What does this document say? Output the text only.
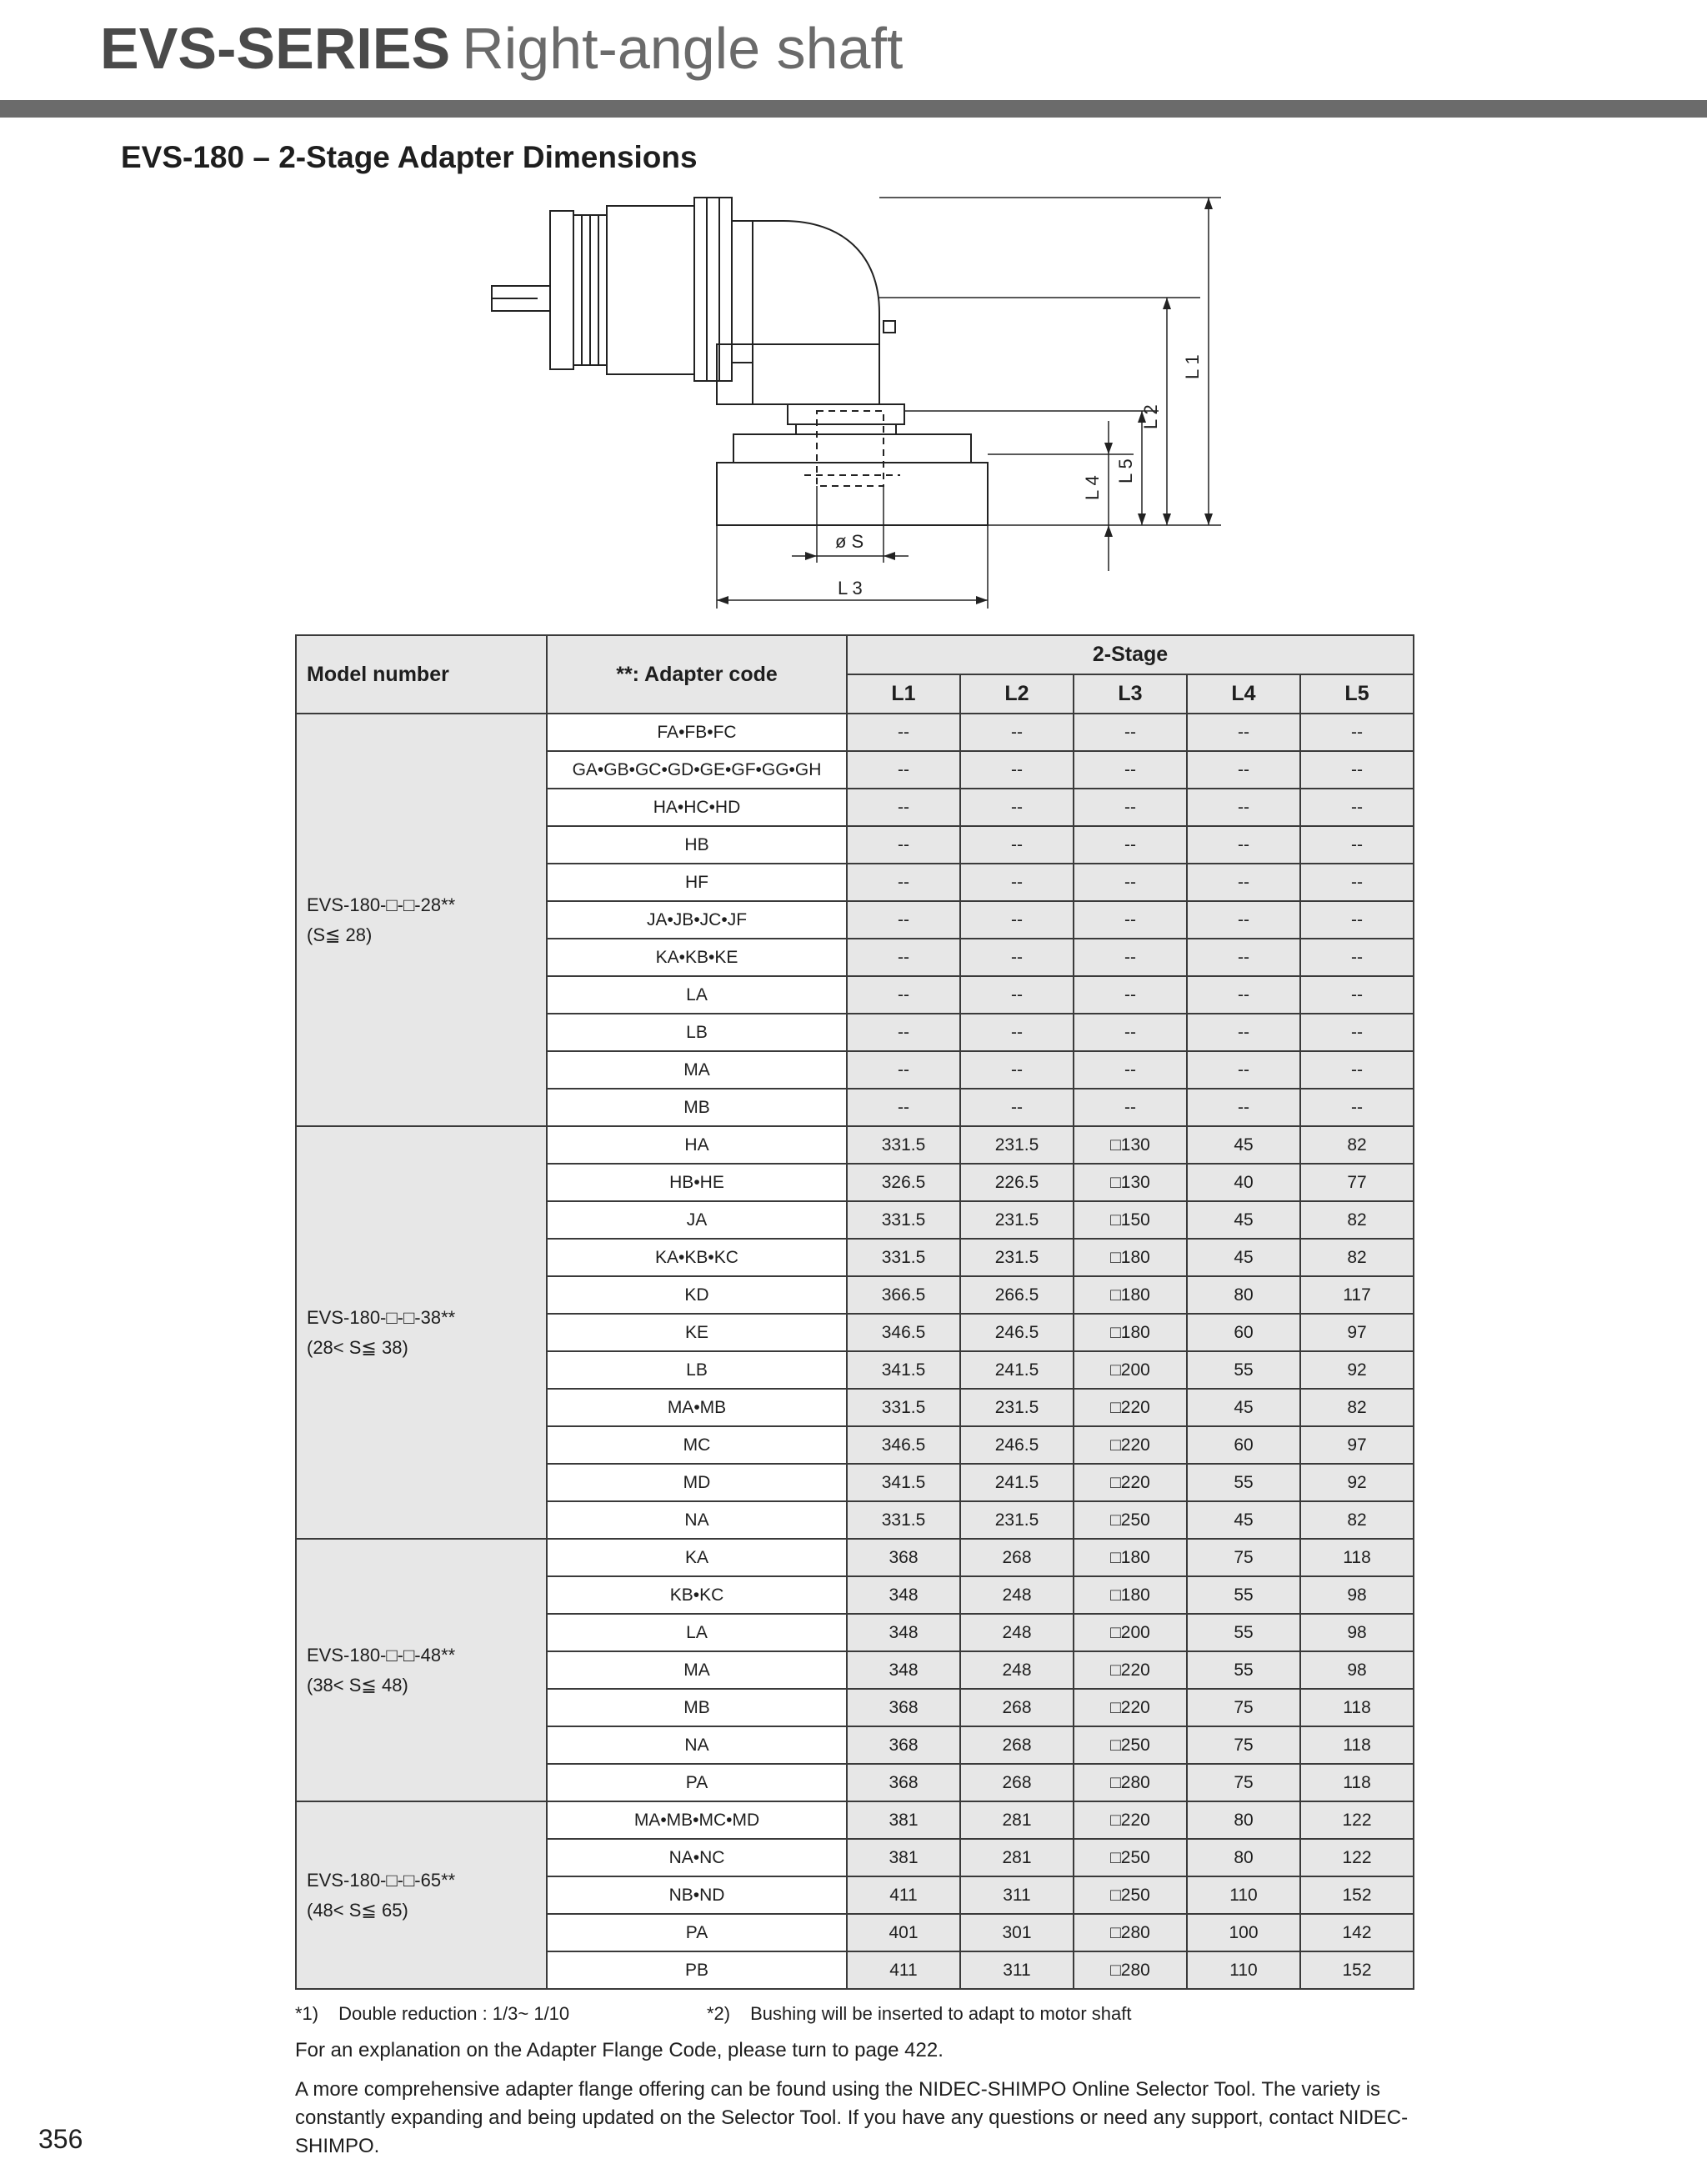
EVS-SERIES Right-angle shaft
EVS-180 – 2-Stage Adapter Dimensions
L 1
L 2
L 5
L 4
ø S
L 3
Model number	**: Adapter code	2-Stage				
		L1	L2	L3	L4	L5

EVS-180-□-□-28**
(S≦ 28)	FA•FB•FC	--	--	--	--	--
	GA•GB•GC•GD•GE•GF•GG•GH	--	--	--	--	--
	HA•HC•HD	--	--	--	--	--
	HB	--	--	--	--	--
	HF	--	--	--	--	--
	JA•JB•JC•JF	--	--	--	--	--
	KA•KB•KE	--	--	--	--	--
	LA	--	--	--	--	--
	LB	--	--	--	--	--
	MA	--	--	--	--	--
	MB	--	--	--	--	--

EVS-180-□-□-38**
(28< S≦ 38)	HA	331.5	231.5	□130	45	82
	HB•HE	326.5	226.5	□130	40	77
	JA	331.5	231.5	□150	45	82
	KA•KB•KC	331.5	231.5	□180	45	82
	KD	366.5	266.5	□180	80	117
	KE	346.5	246.5	□180	60	97
	LB	341.5	241.5	□200	55	92
	MA•MB	331.5	231.5	□220	45	82
	MC	346.5	246.5	□220	60	97
	MD	341.5	241.5	□220	55	92
	NA	331.5	231.5	□250	45	82

EVS-180-□-□-48**
(38< S≦ 48)	KA	368	268	□180	75	118
	KB•KC	348	248	□180	55	98
	LA	348	248	□200	55	98
	MA	348	248	□220	55	98
	MB	368	268	□220	75	118
	NA	368	268	□250	75	118
	PA	368	268	□280	75	118

EVS-180-□-□-65**
(48< S≦ 65)	MA•MB•MC•MD	381	281	□220	80	122
	NA•NC	381	281	□250	80	122
	NB•ND	411	311	□250	110	152
	PA	401	301	□280	100	142
	PB	411	311	□280	110	152
*1) Double reduction : 1/3~ 1/10	*2) Bushing will be inserted to adapt to motor shaft
For an explanation on the Adapter Flange Code, please turn to page 422.
A more comprehensive adapter flange offering can be found using the NIDEC-SHIMPO Online Selector Tool. The variety is constantly expanding and being updated on the Selector Tool. If you have any questions or need any support, contact NIDEC-SHIMPO.
356
